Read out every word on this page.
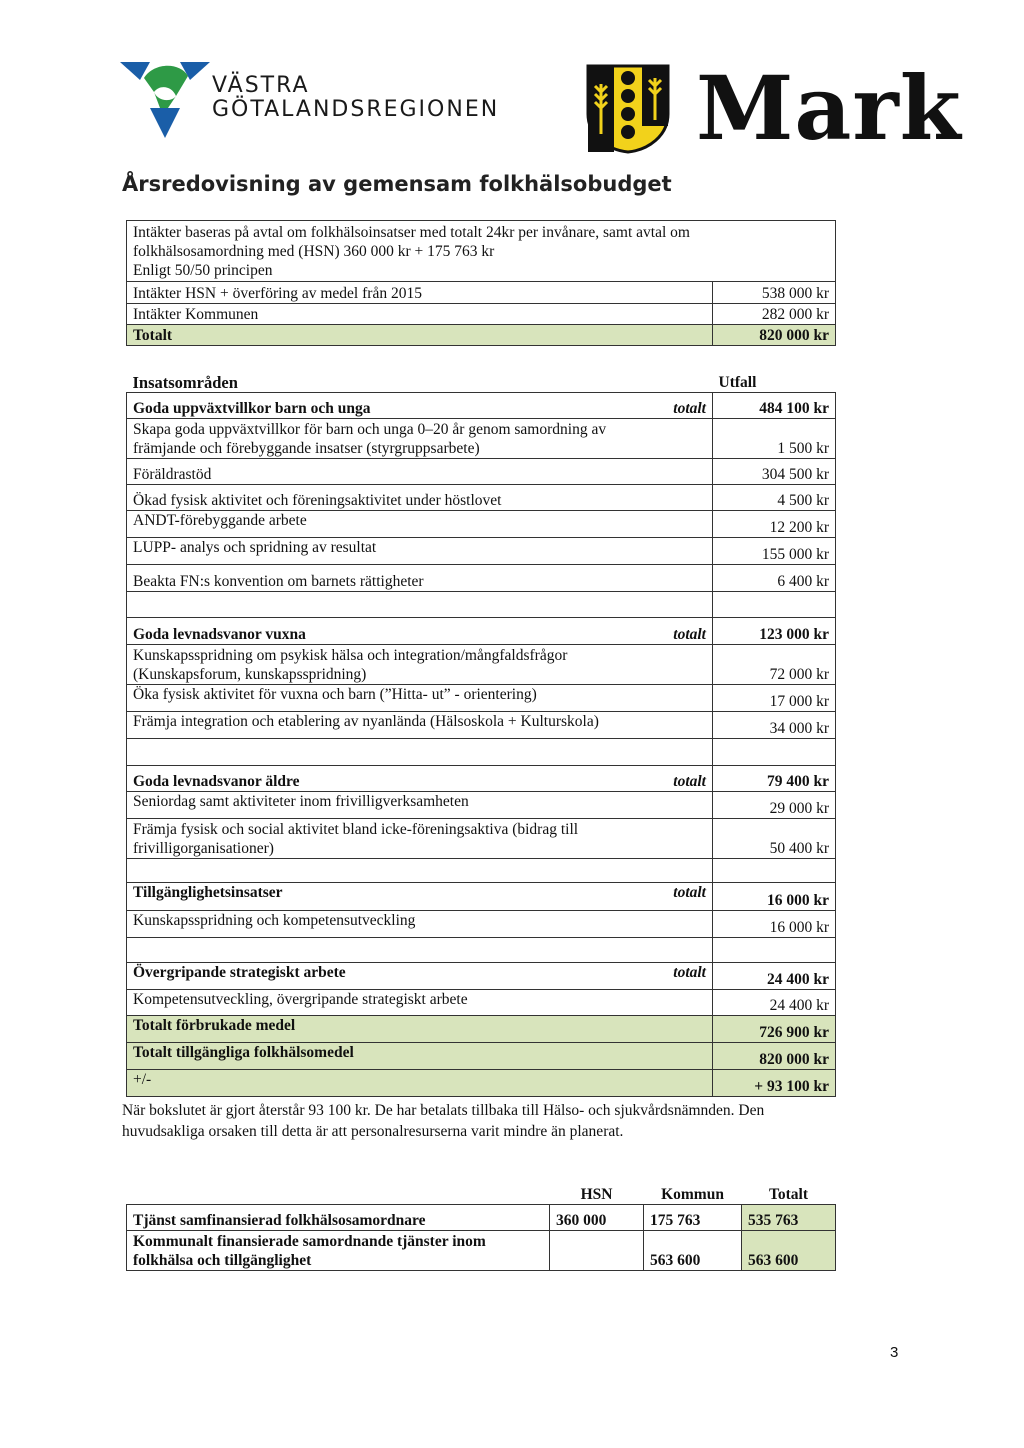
VÄSTRA
GÖTALANDSREGIONEN Mark
Årsredovisning av gemensam folkhälsobudget
Intäkter baseras på avtal om folkhälsoinsatser med totalt 24kr per invånare, samt avtal om
folkhälsosamordning med (HSN) 360 000 kr + 175 763 kr
Enligt 50/50 principen	

Intäkter HSN + överföring av medel från 2015	538 000 kr
Intäkter Kommunen	282 000 kr
Totalt	820 000 kr
Insatsområden		Utfall
Goda uppväxtvillkor barn och unga	totalt	484 100 kr

Skapa goda uppväxtvillkor för barn och unga 0–20 år genom samordning av
främjande och förebyggande insatser (styrgruppsarbete)		1 500 kr
Föräldrastöd		304 500 kr
Ökad fysisk aktivitet och föreningsaktivitet under höstlovet		4 500 kr
ANDT-förebyggande arbete		12 200 kr
LUPP- analys och spridning av resultat		155 000 kr
Beakta FN:s konvention om barnets rättigheter		6 400 kr

Goda levnadsvanor vuxna	totalt	123 000 kr

Kunskapsspridning om psykisk hälsa och integration/mångfaldsfrågor
(Kunskapsforum, kunskapsspridning)		72 000 kr
Öka fysisk aktivitet för vuxna och barn (”Hitta- ut” - orientering)		17 000 kr
Främja integration och etablering av nyanlända (Hälsoskola + Kulturskola)		34 000 kr

Goda levnadsvanor äldre	totalt	79 400 kr
Seniordag samt aktiviteter inom frivilligverksamheten		29 000 kr

Främja fysisk och social aktivitet bland icke-föreningsaktiva (bidrag till
frivilligorganisationer)		50 400 kr

Tillgänglighetsinsatser	totalt	16 000 kr
Kunskapsspridning och kompetensutveckling		16 000 kr

Övergripande strategiskt arbete	totalt	24 400 kr
Kompetensutveckling, övergripande strategiskt arbete		24 400 kr
Totalt förbrukade medel		726 900 kr
Totalt tillgängliga folkhälsomedel		820 000 kr
+/-		+ 93 100 kr
När bokslutet är gjort återstår 93 100 kr. De har betalats tillbaka till Hälso- och sjukvårdsnämnden. Den
huvudsakliga orsaken till detta är att personalresurserna varit mindre än planerat.
	HSN	Kommun	Totalt
Tjänst samfinansierad folkhälsosamordnare	360 000	175 763	535 763

Kommunalt finansierade samordnande tjänster inom
folkhälsa och tillgänglighet		563 600	563 600
3
